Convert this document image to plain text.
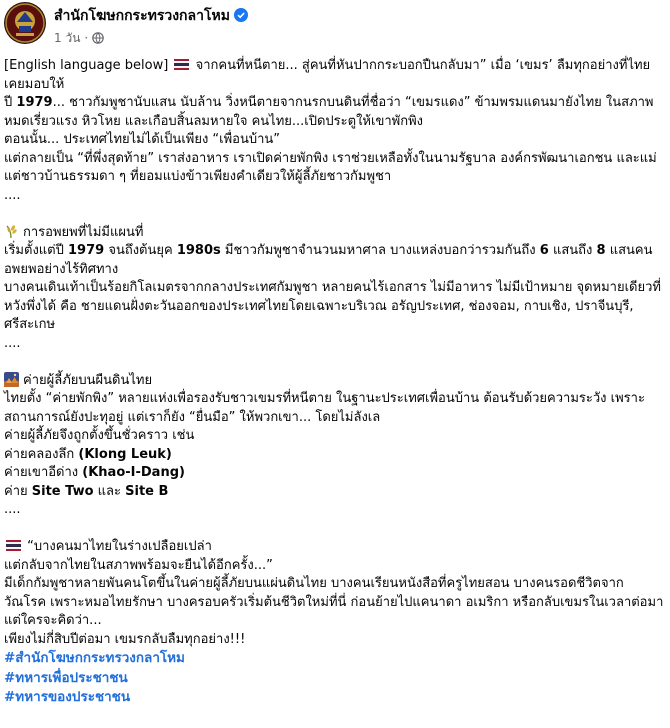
สำนักโฆษกกระทรวงกลาโหม
1 วัน ·

[English language below] จากคนที่หนีตาย... สู่คนที่หันปากกระบอกปืนกลับมา” เมื่อ ‘เขมร’ ลืมทุกอย่างที่ไทยเคยมอบให้

ปี 1979... ชาวกัมพูชานับแสน นับล้าน วิ่งหนีตายจากนรกบนดินที่ชื่อว่า “เขมรแดง” ข้ามพรมแดนมายังไทย ในสภาพหมดเรี่ยวแรง หิวโหย และเกือบสิ้นลมหายใจ คนไทย...เปิดประตูให้เขาพักพิง

ตอนนั้น... ประเทศไทยไม่ได้เป็นเพียง “เพื่อนบ้าน”

แต่กลายเป็น “ที่พึ่งสุดท้าย” เราส่งอาหาร เราเปิดค่ายพักพิง เราช่วยเหลือทั้งในนามรัฐบาล องค์กรพัฒนาเอกชน และแม่แต่ชาวบ้านธรรมดา ๆ ที่ยอมแบ่งข้าวเพียงคำเดียวให้ผู้ลี้ภัยชาวกัมพูชา

....

การอพยพที่ไม่มีแผนที่

เริ่มตั้งแต่ปี 1979 จนถึงต้นยุค 1980s มีชาวกัมพูชาจำนวนมหาศาล บางแหล่งบอกว่ารวมกันถึง 6 แสนถึง 8 แสนคน อพยพอย่างไร้ทิศทาง

บางคนเดินเท้าเป็นร้อยกิโลเมตรจากกลางประเทศกัมพูชา หลายคนไร้เอกสาร ไม่มีอาหาร ไม่มีเป้าหมาย จุดหมายเดียวที่หวังพึ่งได้ คือ ชายแดนฝั่งตะวันออกของประเทศไทยโดยเฉพาะบริเวณ อรัญประเทศ, ช่องจอม, กาบเชิง, ปราจีนบุรี, ศรีสะเกษ

....

ค่ายผู้ลี้ภัยบนผืนดินไทย

ไทยตั้ง “ค่ายพักพิง” หลายแห่งเพื่อรองรับชาวเขมรที่หนีตาย ในฐานะประเทศเพื่อนบ้าน ต้อนรับด้วยความระวัง เพราะสถานการณ์ยังปะทุอยู่ แต่เราก็ยัง “ยื่นมือ” ให้พวกเขา... โดยไม่ลังเล

ค่ายผู้ลี้ภัยจึงถูกตั้งขึ้นชั่วคราว เช่น

ค่ายคลองลึก (Klong Leuk)

ค่ายเขาอีด่าง (Khao-I-Dang)

ค่าย Site Two และ Site B

....

“บางคนมาไทยในร่างเปลือยเปล่า

แต่กลับจากไทยในสภาพพร้อมจะยืนได้อีกครั้ง...”

มีเด็กกัมพูชาหลายพันคนโตขึ้นในค่ายผู้ลี้ภัยบนแผ่นดินไทย บางคนเรียนหนังสือที่ครูไทยสอน บางคนรอดชีวิตจากวัณโรค เพราะหมอไทยรักษา บางครอบครัวเริ่มต้นชีวิตใหม่ที่นี่ ก่อนย้ายไปแคนาดา อเมริกา หรือกลับเขมรในเวลาต่อมา

แต่ใครจะคิดว่า...

เพียงไม่กี่สิบปีต่อมา เขมรกลับลืมทุกอย่าง!!!

#สำนักโฆษกกระทรวงกลาโหม

#ทหารเพื่อประชาชน

#ทหารของประชาชน
